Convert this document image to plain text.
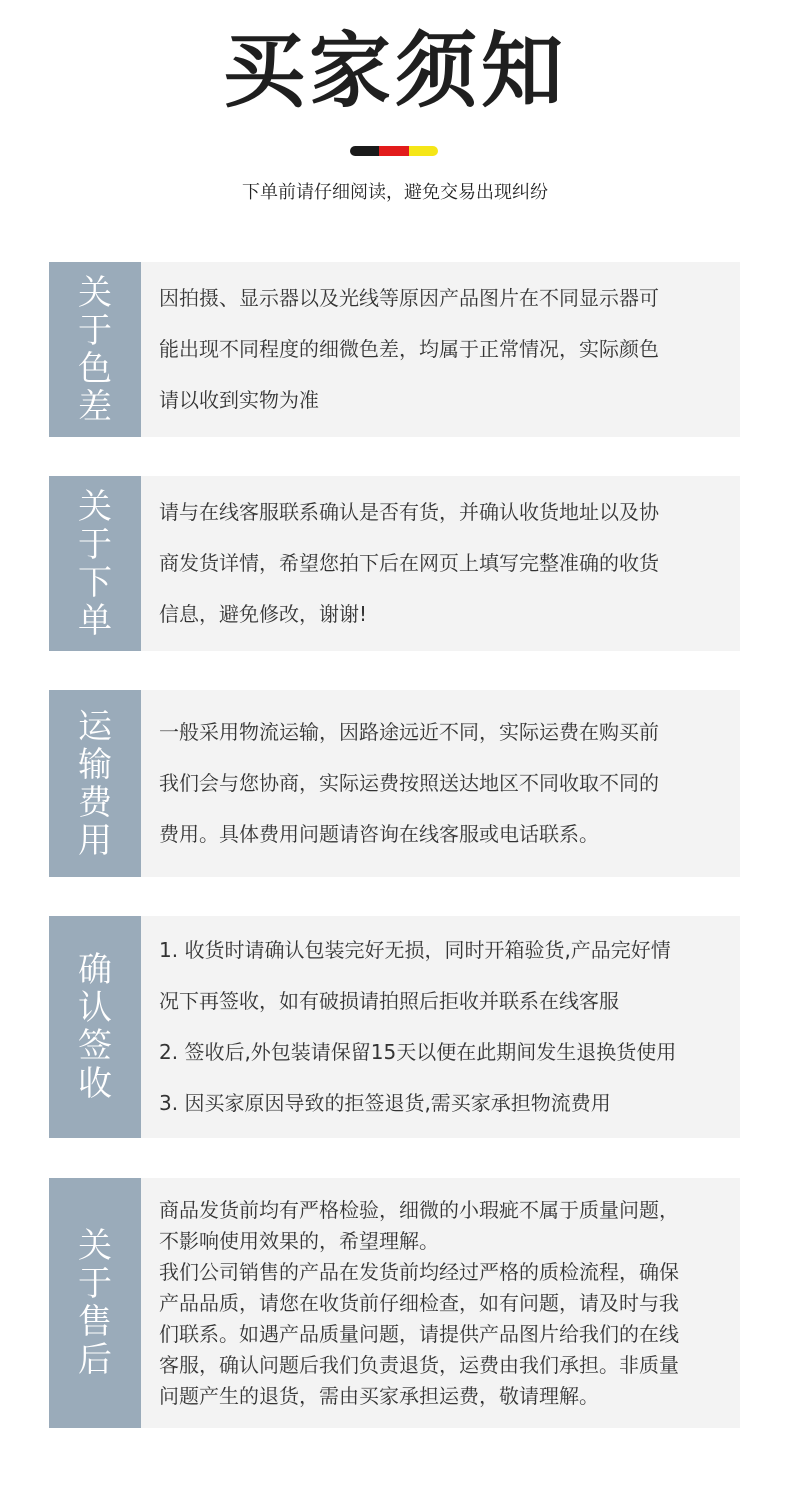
买家须知
下单前请仔细阅读，避免交易出现纠纷
关
于
色
差

因拍摄、显示器以及光线等原因产品图片在不同显示器可

能出现不同程度的细微色差，均属于正常情况，实际颜色

请以收到实物为准

关
于
下
单

请与在线客服联系确认是否有货，并确认收货地址以及协

商发货详情，希望您拍下后在网页上填写完整准确的收货

信息，避免修改，谢谢!

运
输
费
用

一般采用物流运输，因路途远近不同，实际运费在购买前

我们会与您协商，实际运费按照送达地区不同收取不同的

费用。具体费用问题请咨询在线客服或电话联系。

确
认
签
收

1. 收货时请确认包装完好无损，同时开箱验货,产品完好情

况下再签收，如有破损请拍照后拒收并联系在线客服

2. 签收后,外包装请保留15天以便在此期间发生退换货使用

3. 因买家原因导致的拒签退货,需买家承担物流费用

关
于
售
后

商品发货前均有严格检验，细微的小瑕疵不属于质量问题，

不影响使用效果的，希望理解。

我们公司销售的产品在发货前均经过严格的质检流程，确保

产品品质，请您在收货前仔细检查，如有问题，请及时与我

们联系。如遇产品质量问题，请提供产品图片给我们的在线

客服，确认问题后我们负责退货，运费由我们承担。非质量

问题产生的退货，需由买家承担运费，敬请理解。
